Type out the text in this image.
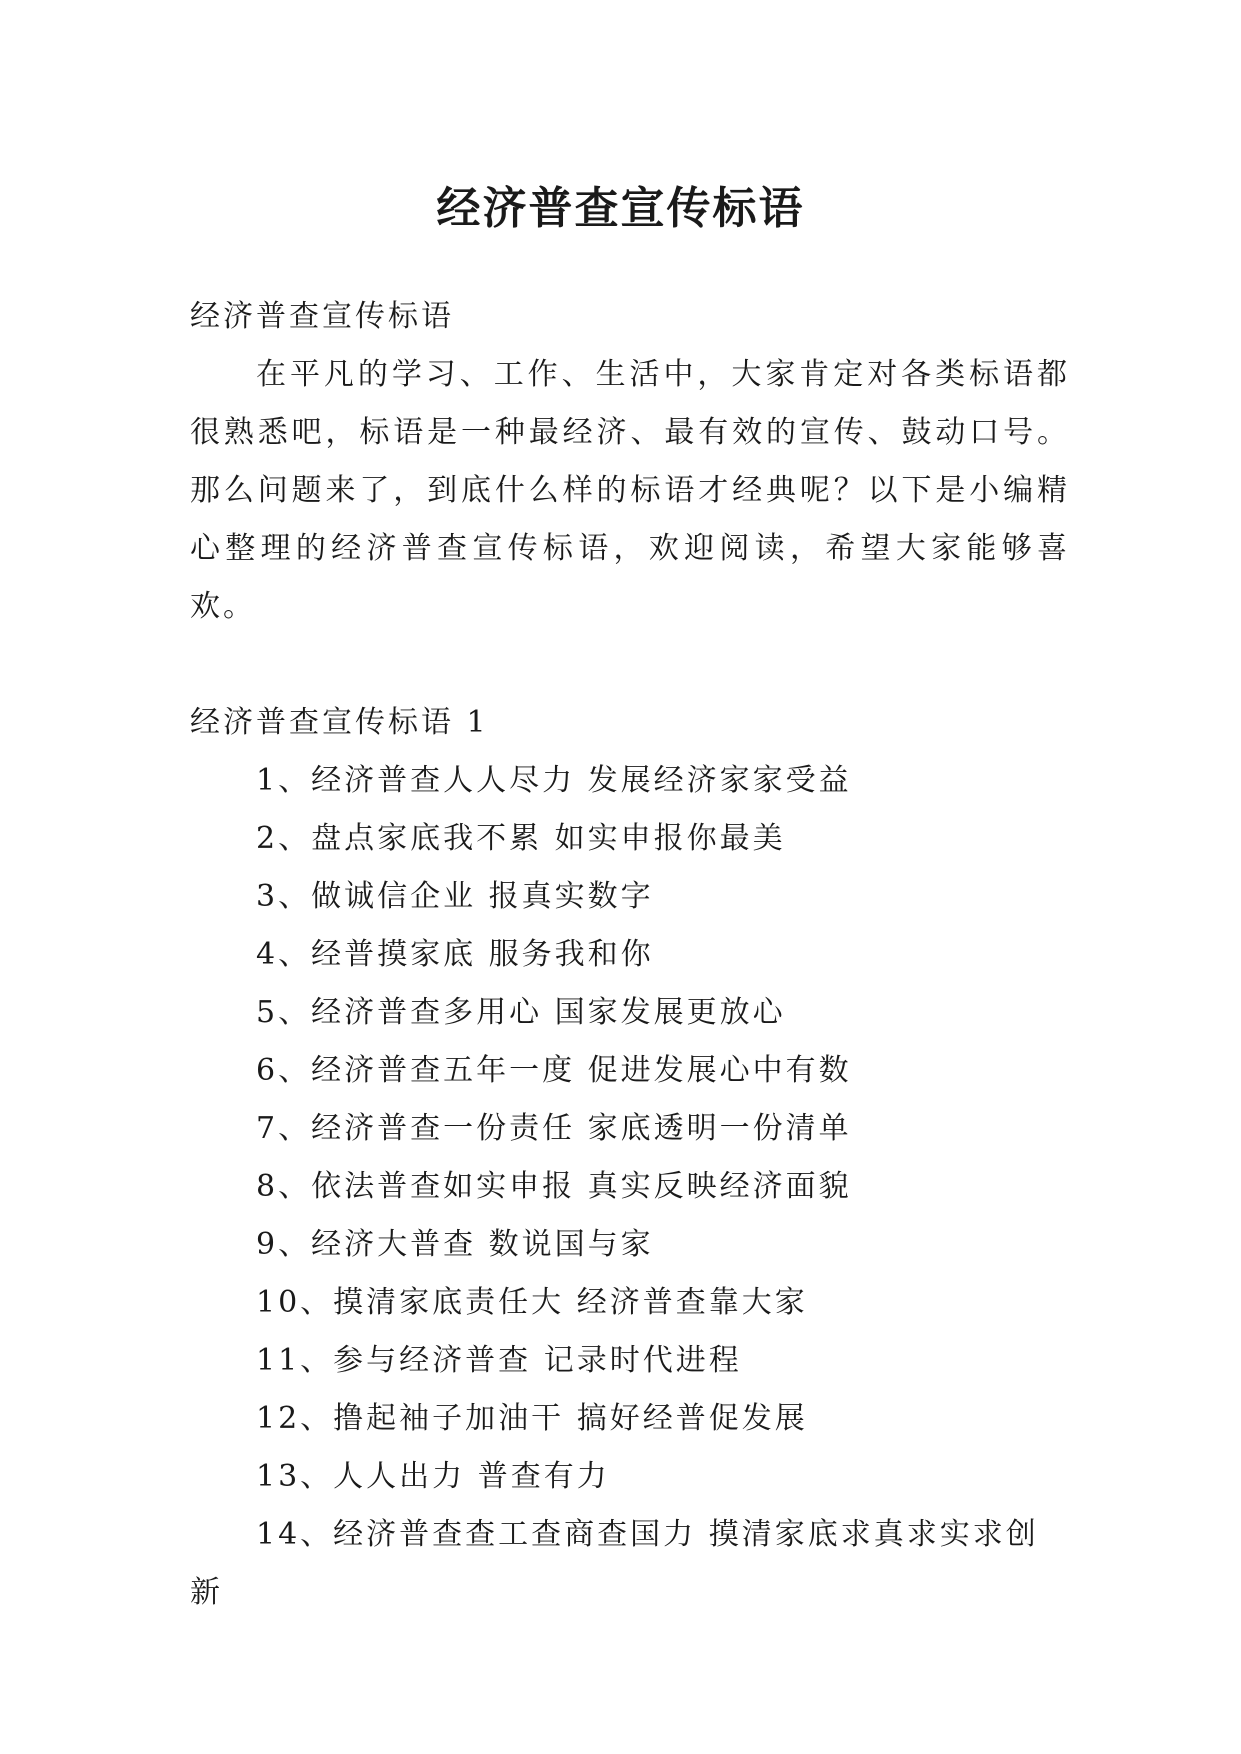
经济普查宣传标语

经济普查宣传标语

在平凡的学习、工作、生活中，大家肯定对各类标语都很熟悉吧，标语是一种最经济、最有效的宣传、鼓动口号。那么问题来了，到底什么样的标语才经典呢？以下是小编精心整理的经济普查宣传标语，欢迎阅读，希望大家能够喜欢。

经济普查宣传标语 1

1、经济普查人人尽力 发展经济家家受益
2、盘点家底我不累 如实申报你最美
3、做诚信企业 报真实数字
4、经普摸家底 服务我和你
5、经济普查多用心 国家发展更放心
6、经济普查五年一度 促进发展心中有数
7、经济普查一份责任 家底透明一份清单
8、依法普查如实申报 真实反映经济面貌
9、经济大普查 数说国与家
10、摸清家底责任大 经济普查靠大家
11、参与经济普查 记录时代进程
12、撸起袖子加油干 搞好经普促发展
13、人人出力 普查有力
14、经济普查查工查商查国力 摸清家底求真求实求创新
